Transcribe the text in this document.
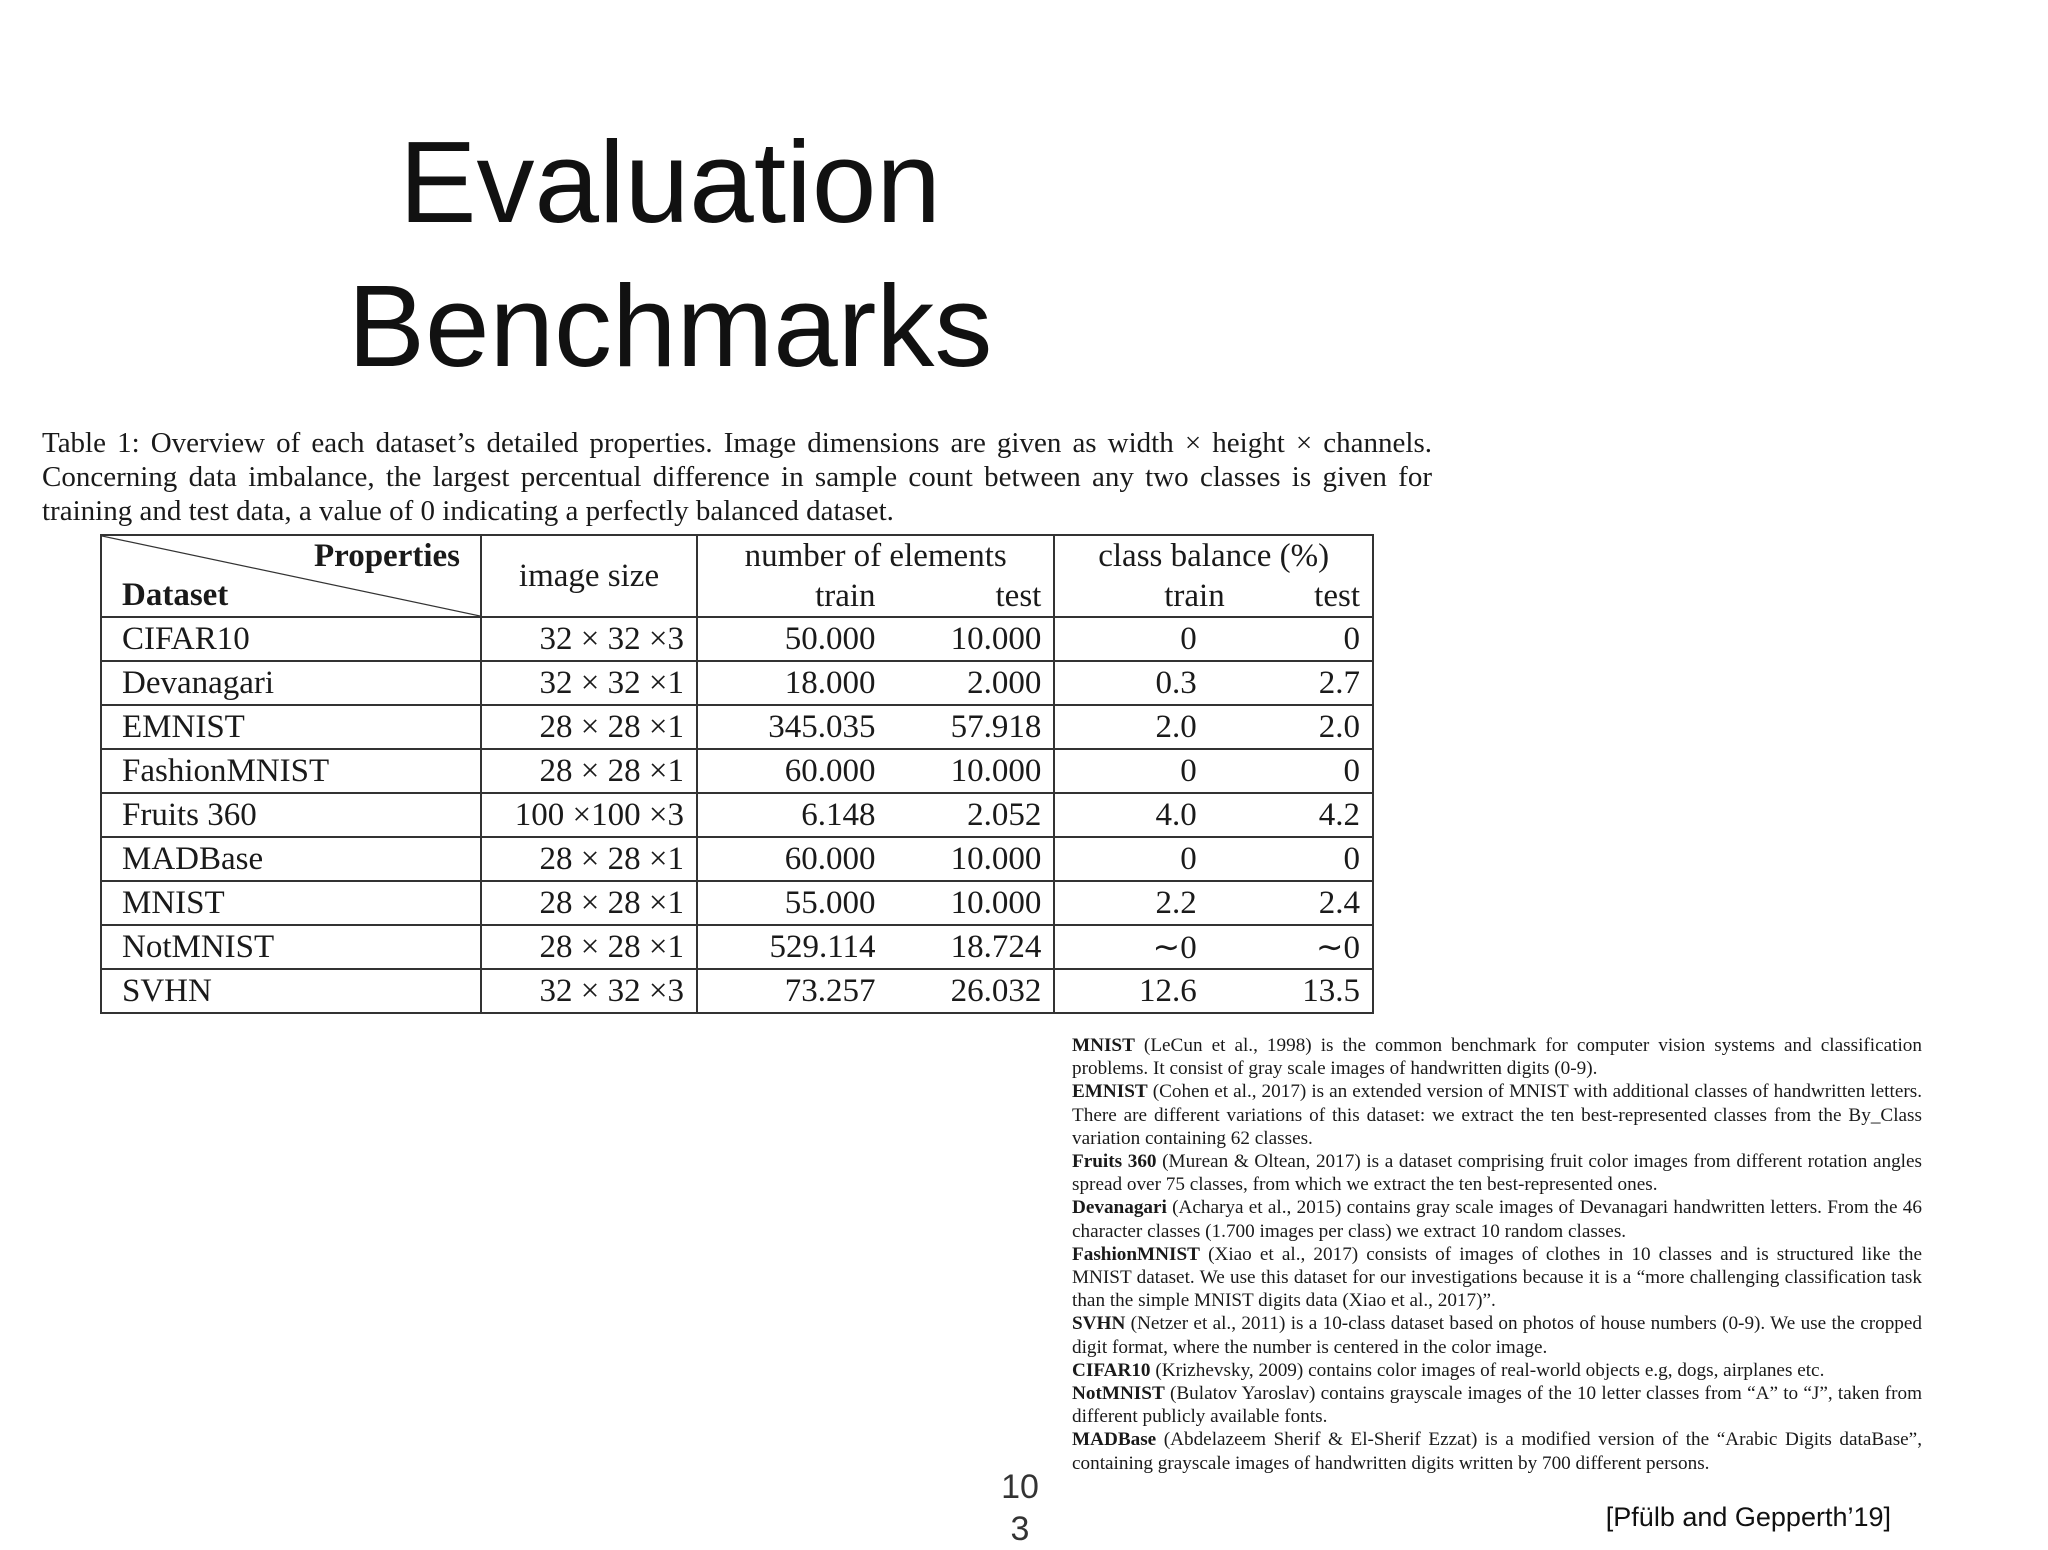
Evaluation
Benchmarks

Table 1: Overview of each dataset’s detailed properties. Image dimensions are given as width × height × channels. Concerning data imbalance, the largest percentual difference in sample count between any two classes is given for training and test data, a value of 0 indicating a perfectly balanced dataset.

Properties
Dataset	image size	number of elements		class balance (%)	
		train	test	train	test
CIFAR10	32 × 32 ×3	50.000	10.000	0	0
Devanagari	32 × 32 ×1	18.000	2.000	0.3	2.7
EMNIST	28 × 28 ×1	345.035	57.918	2.0	2.0
FashionMNIST	28 × 28 ×1	60.000	10.000	0	0
Fruits 360	100 ×100 ×3	6.148	2.052	4.0	4.2
MADBase	28 × 28 ×1	60.000	10.000	0	0
MNIST	28 × 28 ×1	55.000	10.000	2.2	2.4
NotMNIST	28 × 28 ×1	529.114	18.724	∼0	∼0
SVHN	32 × 32 ×3	73.257	26.032	12.6	13.5
MNIST (LeCun et al., 1998) is the common benchmark for computer vision systems and classification problems. It consist of gray scale images of handwritten digits (0-9).
EMNIST (Cohen et al., 2017) is an extended version of MNIST with additional classes of handwritten letters. There are different variations of this dataset: we extract the ten best-represented classes from the By_Class variation containing 62 classes.
Fruits 360 (Murean & Oltean, 2017) is a dataset comprising fruit color images from different rotation angles spread over 75 classes, from which we extract the ten best-represented ones.
Devanagari (Acharya et al., 2015) contains gray scale images of Devanagari handwritten letters. From the 46 character classes (1.700 images per class) we extract 10 random classes.
FashionMNIST (Xiao et al., 2017) consists of images of clothes in 10 classes and is structured like the MNIST dataset. We use this dataset for our investigations because it is a “more challenging classification task than the simple MNIST digits data (Xiao et al., 2017)”.
SVHN (Netzer et al., 2011) is a 10-class dataset based on photos of house numbers (0-9). We use the cropped digit format, where the number is centered in the color image.
CIFAR10 (Krizhevsky, 2009) contains color images of real-world objects e.g, dogs, airplanes etc.
NotMNIST (Bulatov Yaroslav) contains grayscale images of the 10 letter classes from “A” to “J”, taken from different publicly available fonts.
MADBase (Abdelazeem Sherif & El-Sherif Ezzat) is a modified version of the “Arabic Digits dataBase”, containing grayscale images of handwritten digits written by 700 different persons.
10
3	[Pfülb and Gepperth’19]
